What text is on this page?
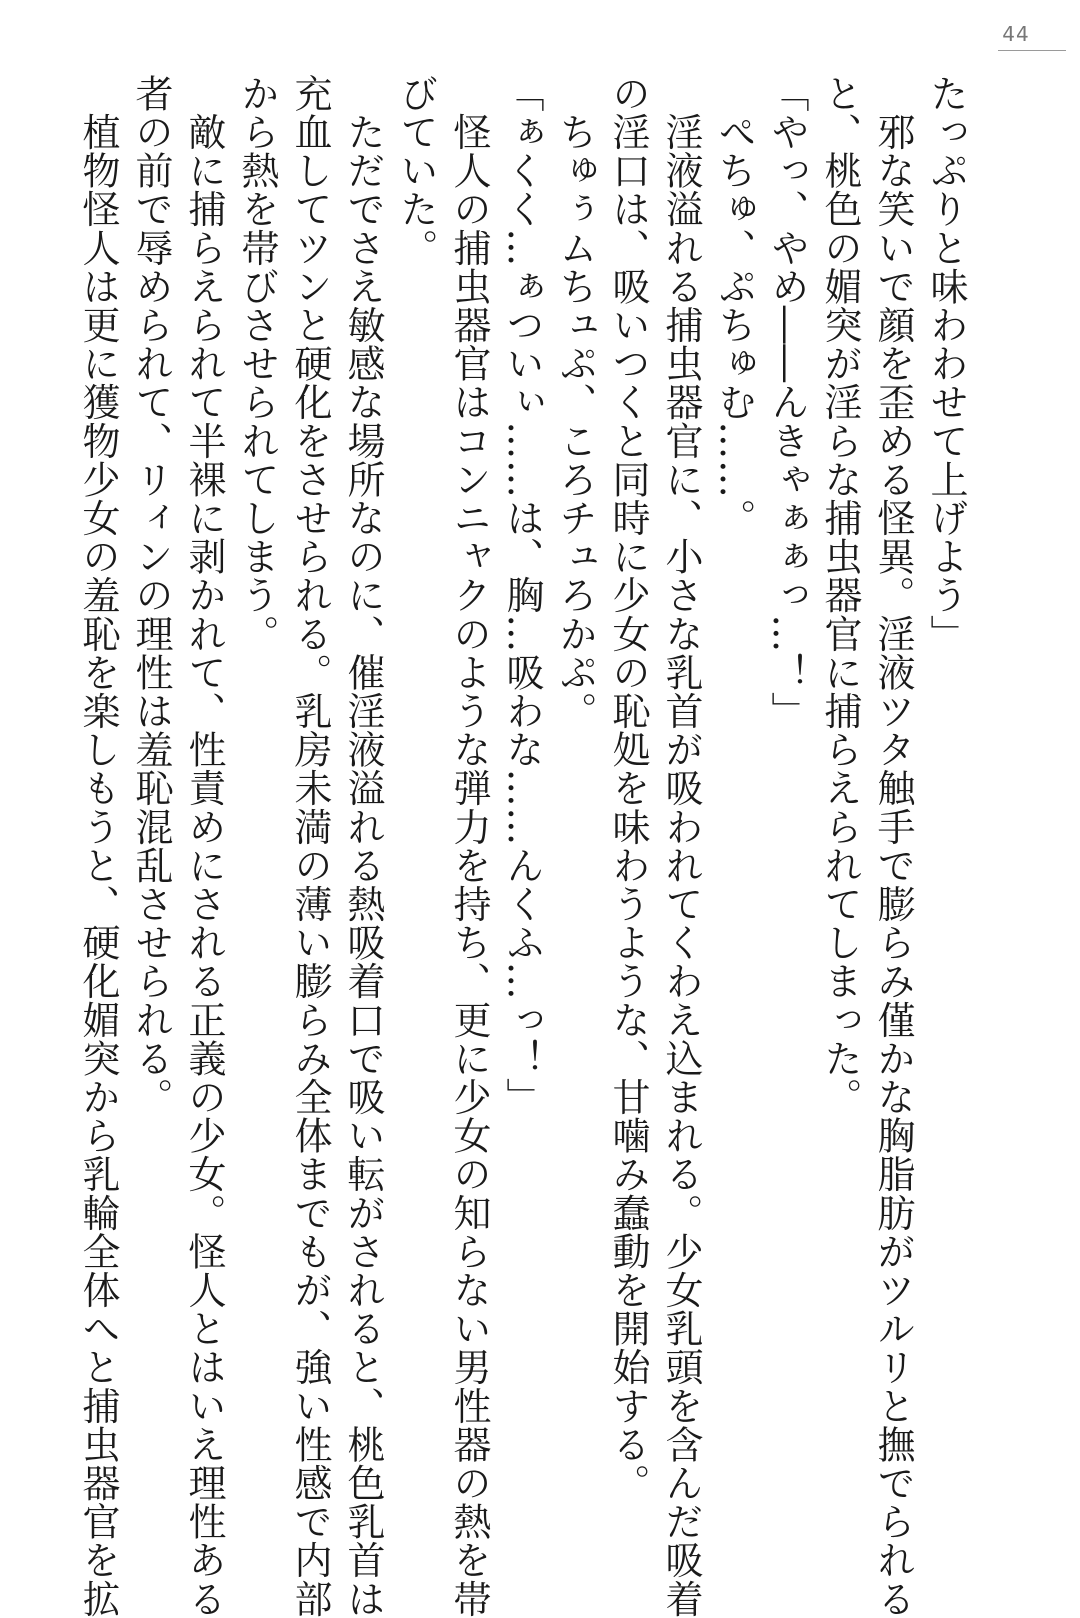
44
たっぷりと味わわせて上げよう」
　邪な笑いで顔を歪める怪異。淫液ツタ触手で膨らみ僅かな胸脂肪がツルリと撫でられる
と、桃色の媚突が淫らな捕虫器官に捕らえられてしまった。
「やっ、やめ――んきゃぁぁっ…！」
　ぺちゅ、ぷちゅむ……。
　淫液溢れる捕虫器官に、小さな乳首が吸われてくわえ込まれる。少女乳頭を含んだ吸着
の淫口は、吸いつくと同時に少女の恥処を味わうような、甘噛み蠢動を開始する。
　ちゅぅムちュぷ、ころチュろかぷ。
「ぁくく…ぁついぃ……は、胸…吸わな……んくふ…っ！」
　怪人の捕虫器官はコンニャクのような弾力を持ち、更に少女の知らない男性器の熱を帯
びていた。
　ただでさえ敏感な場所なのに、催淫液溢れる熱吸着口で吸い転がされると、桃色乳首は
充血してツンと硬化をさせられる。乳房未満の薄い膨らみ全体までもが、強い性感で内部
から熱を帯びさせられてしまう。
　敵に捕らえられて半裸に剥かれて、性責めにされる正義の少女。怪人とはいえ理性ある
者の前で辱められて、リィンの理性は羞恥混乱させられる。
　植物怪人は更に獲物少女の羞恥を楽しもうと、硬化媚突から乳輪全体へと捕虫器官を拡
